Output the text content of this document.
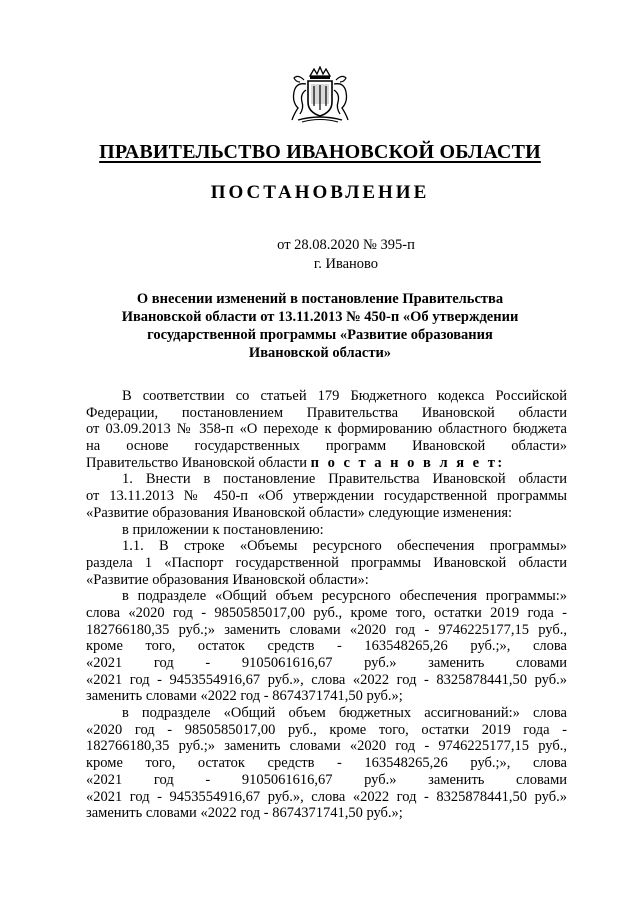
ПРАВИТЕЛЬСТВО ИВАНОВСКОЙ ОБЛАСТИ
ПОСТАНОВЛЕНИЕ
от 28.08.2020 № 395-п
г. Иваново
О внесении изменений в постановление Правительства
Ивановской области от 13.11.2013 № 450-п «Об утверждении
государственной программы «Развитие образования
Ивановской области»
В соответствии со статьей 179 Бюджетного кодекса Российской
Федерации, постановлением Правительства Ивановской области
от 03.09.2013 № 358-п «О переходе к формированию областного бюджета
на основе государственных программ Ивановской области»
Правительство Ивановской области п о с т а н о в л я е т:
1. Внести в постановление Правительства Ивановской области
от 13.11.2013 № 450-п «Об утверждении государственной программы
«Развитие образования Ивановской области» следующие изменения:
в приложении к постановлению:
1.1. В строке «Объемы ресурсного обеспечения программы»
раздела 1 «Паспорт государственной программы Ивановской области
«Развитие образования Ивановской области»:
в подразделе «Общий объем ресурсного обеспечения программы:»
слова «2020 год - 9850585017,00 руб., кроме того, остатки 2019 года -
182766180,35 руб.;» заменить словами «2020 год - 9746225177,15 руб.,
кроме того, остаток средств - 163548265,26 руб.;», слова
«2021 год - 9105061616,67 руб.» заменить словами
«2021 год - 9453554916,67 руб.», слова «2022 год - 8325878441,50 руб.»
заменить словами «2022 год - 8674371741,50 руб.»;
в подразделе «Общий объем бюджетных ассигнований:» слова
«2020 год - 9850585017,00 руб., кроме того, остатки 2019 года -
182766180,35 руб.;» заменить словами «2020 год - 9746225177,15 руб.,
кроме того, остаток средств - 163548265,26 руб.;», слова
«2021 год - 9105061616,67 руб.» заменить словами
«2021 год - 9453554916,67 руб.», слова «2022 год - 8325878441,50 руб.»
заменить словами «2022 год - 8674371741,50 руб.»;
